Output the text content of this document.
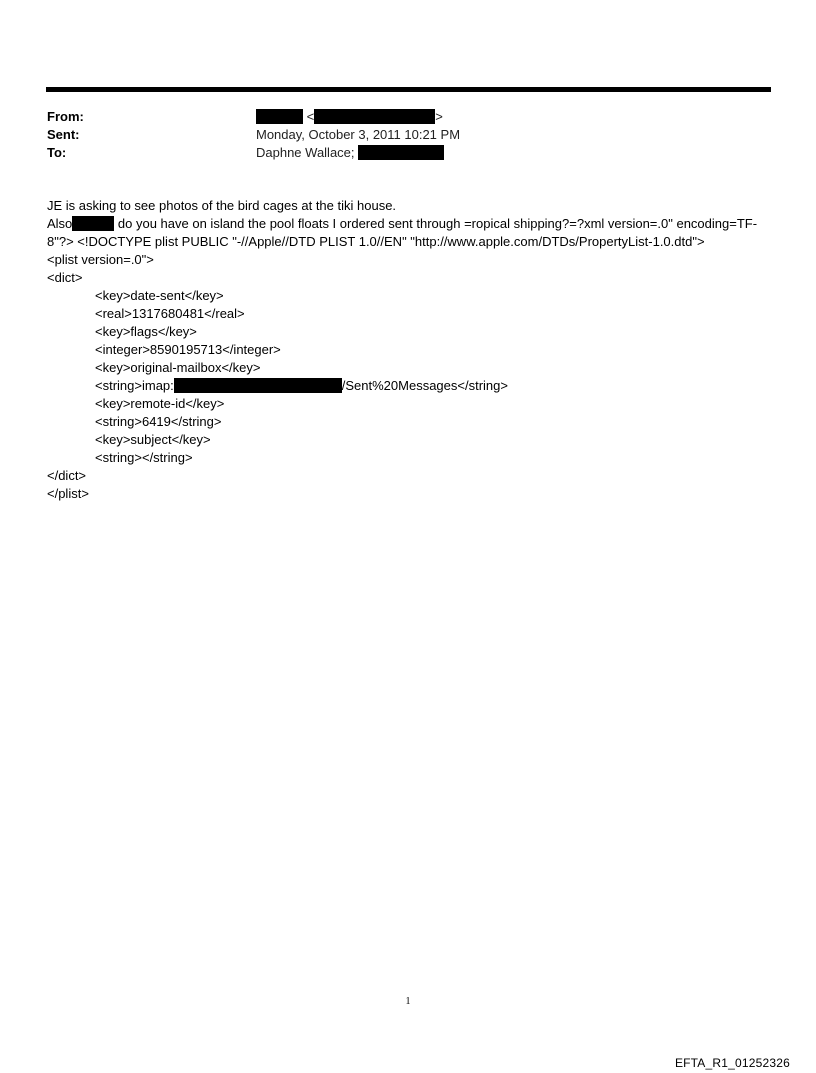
From:	<	>
Sent:	Monday, October 3, 2011 10:21 PM
To:	Daphne Wallace;
JE is asking to see photos of the bird cages at the tiki house.
Also	do you have on island the pool floats I ordered sent through =ropical shipping?=?xml version=.0" encoding=TF-8"?> <!DOCTYPE plist PUBLIC "-//Apple//DTD PLIST 1.0//EN" "http://www.apple.com/DTDs/PropertyList-1.0.dtd">
<plist version=.0">
<dict>
<key>date-sent</key>
<real>1317680481</real>
<key>flags</key>
<integer>8590195713</integer>
<key>original-mailbox</key>
<string>imap:	/Sent%20Messages</string>
<key>remote-id</key>
<string>6419</string>
<key>subject</key>
<string></string>
</dict>
</plist>
1
EFTA_R1_01252326
